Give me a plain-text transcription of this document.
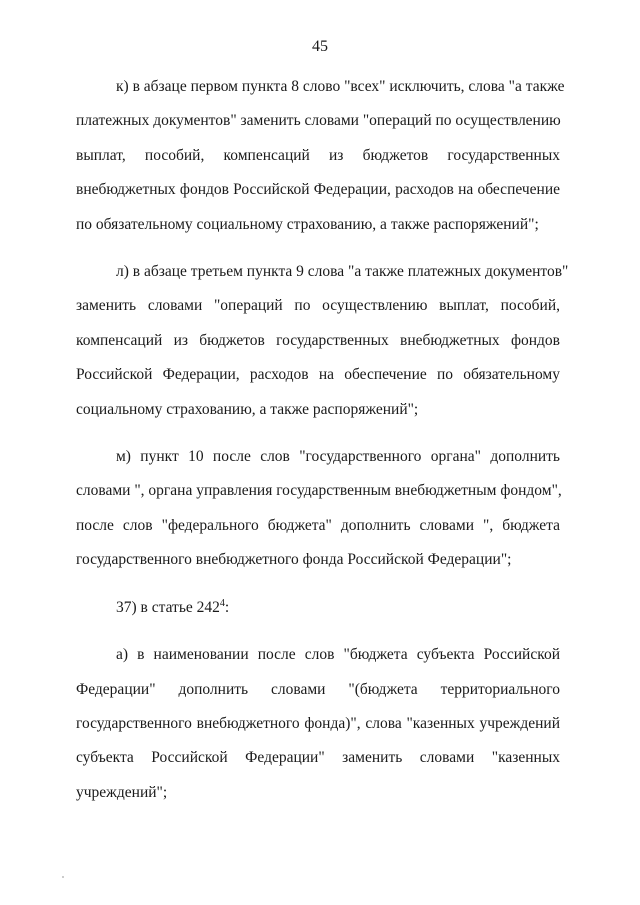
45

к) в абзаце первом пункта 8 слово "всех" исключить, слова "а также
платежных документов" заменить словами "операций по осуществлению
выплат, пособий, компенсаций из бюджетов государственных
внебюджетных фондов Российской Федерации, расходов на обеспечение
по обязательному социальному страхованию, а также распоряжений";

л) в абзаце третьем пункта 9 слова "а также платежных документов"
заменить словами "операций по осуществлению выплат, пособий,
компенсаций из бюджетов государственных внебюджетных фондов
Российской Федерации, расходов на обеспечение по обязательному
социальному страхованию, а также распоряжений";

м) пункт 10 после слов "государственного органа" дополнить
словами ", органа управления государственным внебюджетным фондом",
после слов "федерального бюджета" дополнить словами ", бюджета
государственного внебюджетного фонда Российской Федерации";

37) в статье $242^4$:

а) в наименовании после слов "бюджета субъекта Российской
Федерации" дополнить словами "(бюджета территориального
государственного внебюджетного фонда)", слова "казенных учреждений
субъекта Российской Федерации" заменить словами "казенных
учреждений";
